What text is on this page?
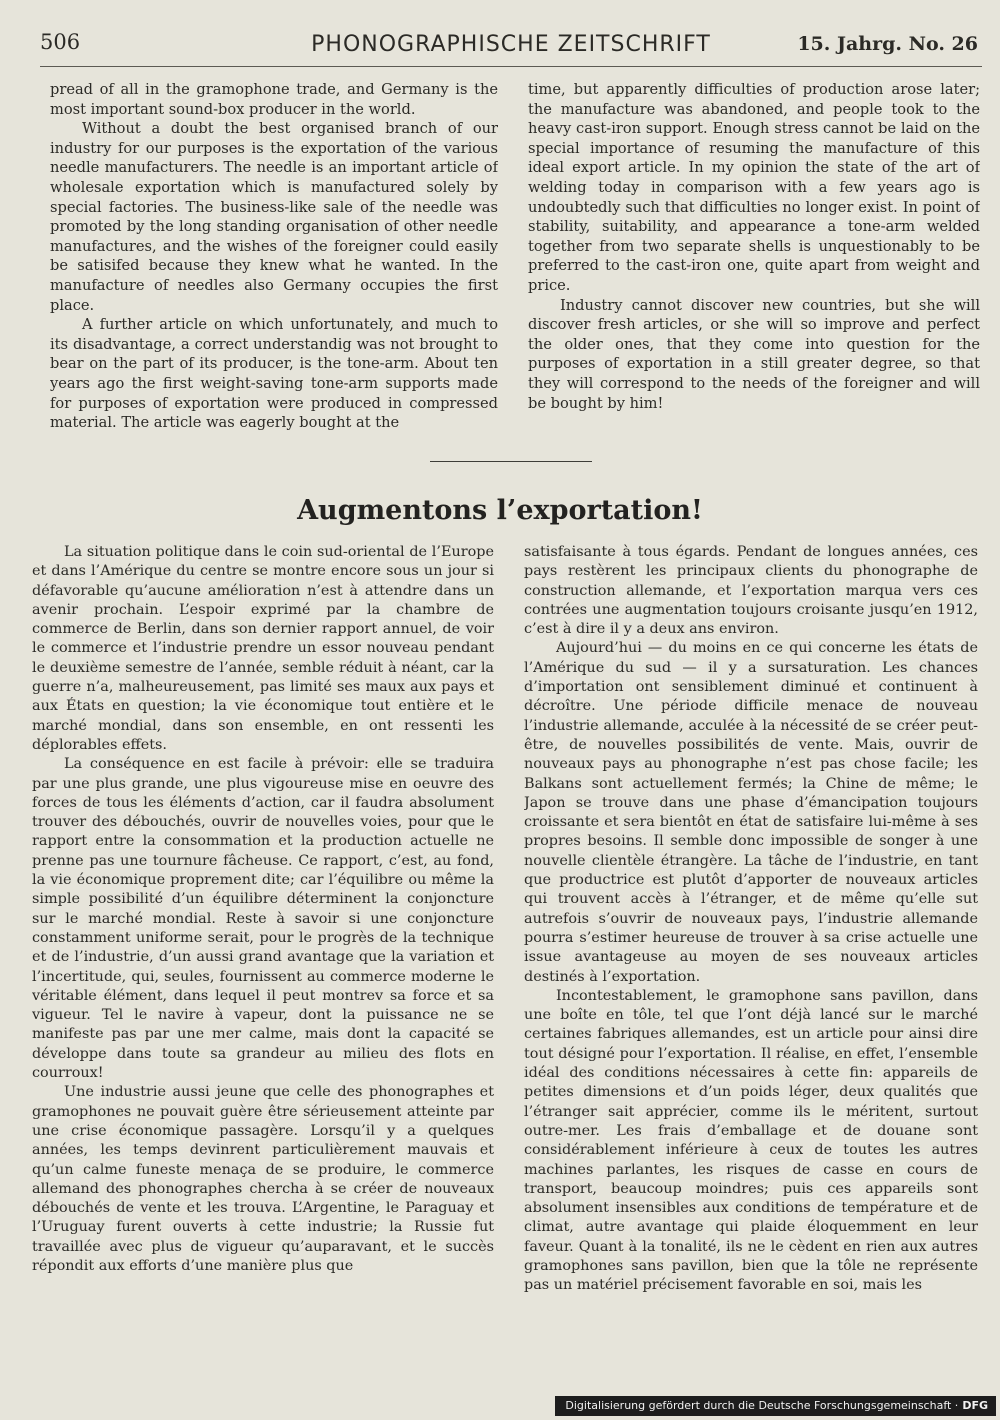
506	PHONOGRAPHISCHE ZEITSCHRIFT	15. Jahrg. No. 26

pread of all in the gramophone trade, and Germany is the most important sound-box producer in the world.

Without a doubt the best organised branch of our industry for our purposes is the exportation of the various needle manufacturers. The needle is an important article of wholesale exportation which is manufactured solely by special factories. The business-like sale of the needle was promoted by the long standing organisation of other needle manufactures, and the wishes of the foreigner could easily be satisifed because they knew what he wanted. In the manufacture of needles also Germany occupies the first place.

A further article on which unfortunately, and much to its disadvantage, a correct understandig was not brought to bear on the part of its producer, is the tone-arm. About ten years ago the first weight-saving tone-arm supports made for purposes of exportation were produced in compressed material. The article was eagerly bought at the

time, but apparently difficulties of production arose later; the manufacture was abandoned, and people took to the heavy cast-iron support. Enough stress cannot be laid on the special importance of resuming the manufacture of this ideal export article. In my opinion the state of the art of welding today in comparison with a few years ago is undoubtedly such that difficulties no longer exist. In point of stability, suitability, and appearance a tone-arm welded together from two separate shells is unquestionably to be preferred to the cast-iron one, quite apart from weight and price.

Industry cannot discover new countries, but she will discover fresh articles, or she will so improve and perfect the older ones, that they come into question for the purposes of exportation in a still greater degree, so that they will correspond to the needs of the foreigner and will be bought by him!

Augmentons l’exportation!

La situation politique dans le coin sud-oriental de l’Europe et dans l’Amérique du centre se montre encore sous un jour si défavorable qu’aucune amélioration n’est à attendre dans un avenir prochain. L’espoir exprimé par la chambre de commerce de Berlin, dans son dernier rapport annuel, de voir le commerce et l’industrie prendre un essor nouveau pendant le deuxième semestre de l’année, semble réduit à néant, car la guerre n’a, malheureusement, pas limité ses maux aux pays et aux États en question; la vie économique tout entière et le marché mondial, dans son ensemble, en ont ressenti les déplorables effets.

La conséquence en est facile à prévoir: elle se traduira par une plus grande, une plus vigoureuse mise en oeuvre des forces de tous les éléments d’action, car il faudra absolument trouver des débouchés, ouvrir de nouvelles voies, pour que le rapport entre la consommation et la production actuelle ne prenne pas une tournure fâcheuse. Ce rapport, c’est, au fond, la vie économique proprement dite; car l’équilibre ou même la simple possibilité d’un équilibre déterminent la conjoncture sur le marché mondial. Reste à savoir si une conjoncture constamment uniforme serait, pour le progrès de la technique et de l’industrie, d’un aussi grand avantage que la variation et l’incertitude, qui, seules, fournissent au commerce moderne le véritable élément, dans lequel il peut montrev sa force et sa vigueur. Tel le navire à vapeur, dont la puissance ne se manifeste pas par une mer calme, mais dont la capacité se développe dans toute sa grandeur au milieu des flots en courroux!

Une industrie aussi jeune que celle des phonographes et gramophones ne pouvait guère être sérieusement atteinte par une crise économique passagère. Lorsqu’il y a quelques années, les temps devinrent particulièrement mauvais et qu’un calme funeste menaça de se produire, le commerce allemand des phonographes chercha à se créer de nouveaux débouchés de vente et les trouva. L’Argentine, le Paraguay et l’Uruguay furent ouverts à cette industrie; la Russie fut travaillée avec plus de vigueur qu’auparavant, et le succès répondit aux efforts d’une manière plus que

satisfaisante à tous égards. Pendant de longues années, ces pays restèrent les principaux clients du phonographe de construction allemande, et l’exportation marqua vers ces contrées une augmentation toujours croisante jusqu’en 1912, c’est à dire il y a deux ans environ.

Aujourd’hui — du moins en ce qui concerne les états de l’Amérique du sud — il y a sursaturation. Les chances d’importation ont sensiblement diminué et continuent à décroître. Une période difficile menace de nouveau l’industrie allemande, acculée à la nécessité de se créer peut-être, de nouvelles possibilités de vente. Mais, ouvrir de nouveaux pays au phonographe n’est pas chose facile; les Balkans sont actuellement fermés; la Chine de même; le Japon se trouve dans une phase d’émancipation toujours croissante et sera bientôt en état de satisfaire lui-même à ses propres besoins. Il semble donc impossible de songer à une nouvelle clientèle étrangère. La tâche de l’industrie, en tant que productrice est plutôt d’apporter de nouveaux articles qui trouvent accès à l’étranger, et de même qu’elle sut autrefois s’ouvrir de nouveaux pays, l’industrie allemande pourra s’estimer heureuse de trouver à sa crise actuelle une issue avantageuse au moyen de ses nouveaux articles destinés à l’exportation.

Incontestablement, le gramophone sans pavillon, dans une boîte en tôle, tel que l’ont déjà lancé sur le marché certaines fabriques allemandes, est un article pour ainsi dire tout désigné pour l’exportation. Il réalise, en effet, l’ensemble idéal des conditions nécessaires à cette fin: appareils de petites dimensions et d’un poids léger, deux qualités que l’étranger sait apprécier, comme ils le méritent, surtout outre-mer. Les frais d’emballage et de douane sont considérablement inférieure à ceux de toutes les autres machines parlantes, les risques de casse en cours de transport, beaucoup moindres; puis ces appareils sont absolument insensibles aux conditions de température et de climat, autre avantage qui plaide éloquemment en leur faveur. Quant à la tonalité, ils ne le cèdent en rien aux autres gramophones sans pavillon, bien que la tôle ne représente pas un matériel précisement favorable en soi, mais les

Digitalisierung gefördert durch die Deutsche Forschungsgemeinschaft · DFG
